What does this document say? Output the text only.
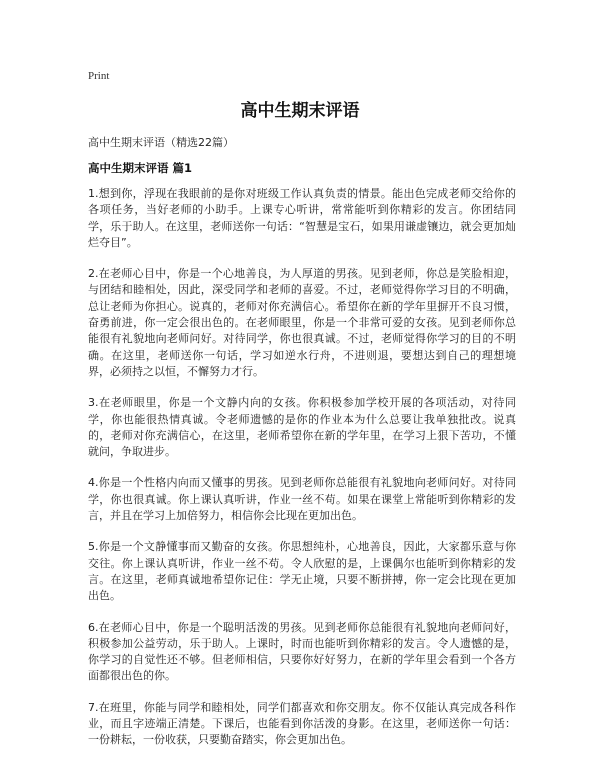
Print
高中生期末评语

高中生期末评语（精选22篇）

高中生期末评语 篇1

1.想到你，浮现在我眼前的是你对班级工作认真负责的情景。能出色完成老师交给你的各项任务，当好老师的小助手。上课专心听讲，常常能听到你精彩的发言。你团结同学，乐于助人。在这里，老师送你一句话：“智慧是宝石，如果用谦虚镶边，就会更加灿烂夺目”。

2.在老师心目中，你是一个心地善良，为人厚道的男孩。见到老师，你总是笑脸相迎，与团结和睦相处，因此，深受同学和老师的喜爱。不过，老师觉得你学习目的不明确，总让老师为你担心。说真的，老师对你充满信心。希望你在新的学年里摒开不良习惯，奋勇前进，你一定会很出色的。在老师眼里，你是一个非常可爱的女孩。见到老师你总能很有礼貌地向老师问好。对待同学，你也很真诚。不过，老师觉得你学习的目的不明确。在这里，老师送你一句话，学习如逆水行舟，不进则退，要想达到自己的理想境界，必须持之以恒，不懈努力才行。

3.在老师眼里，你是一个文静内向的女孩。你积极参加学校开展的各项活动，对待同学，你也能很热情真诚。令老师遗憾的是你的作业本为什么总要让我单独批改。说真的，老师对你充满信心，在这里，老师希望你在新的学年里，在学习上狠下苦功，不懂就问，争取进步。

4.你是一个性格内向而又懂事的男孩。见到老师你总能很有礼貌地向老师问好。对待同学，你也很真诚。你上课认真听讲，作业一丝不苟。如果在课堂上常能听到你精彩的发言，并且在学习上加倍努力，相信你会比现在更加出色。

5.你是一个文静懂事而又勤奋的女孩。你思想纯朴，心地善良，因此，大家都乐意与你交往。你上课认真听讲，作业一丝不苟。令人欣慰的是，上课偶尔也能听到你精彩的发言。在这里，老师真诚地希望你记住：学无止境，只要不断拼搏，你一定会比现在更加出色。

6.在老师心目中，你是一个聪明活泼的男孩。见到老师你总能很有礼貌地向老师问好，积极参加公益劳动，乐于助人。上课时，时而也能听到你精彩的发言。令人遗憾的是，你学习的自觉性还不够。但老师相信，只要你好好努力，在新的学年里会看到一个各方面都很出色的你。

7.在班里，你能与同学和睦相处，同学们都喜欢和你交朋友。你不仅能认真完成各科作业，而且字迹端正清楚。下课后，也能看到你活泼的身影。在这里，老师送你一句话：一份耕耘，一份收获，只要勤奋踏实，你会更加出色。
